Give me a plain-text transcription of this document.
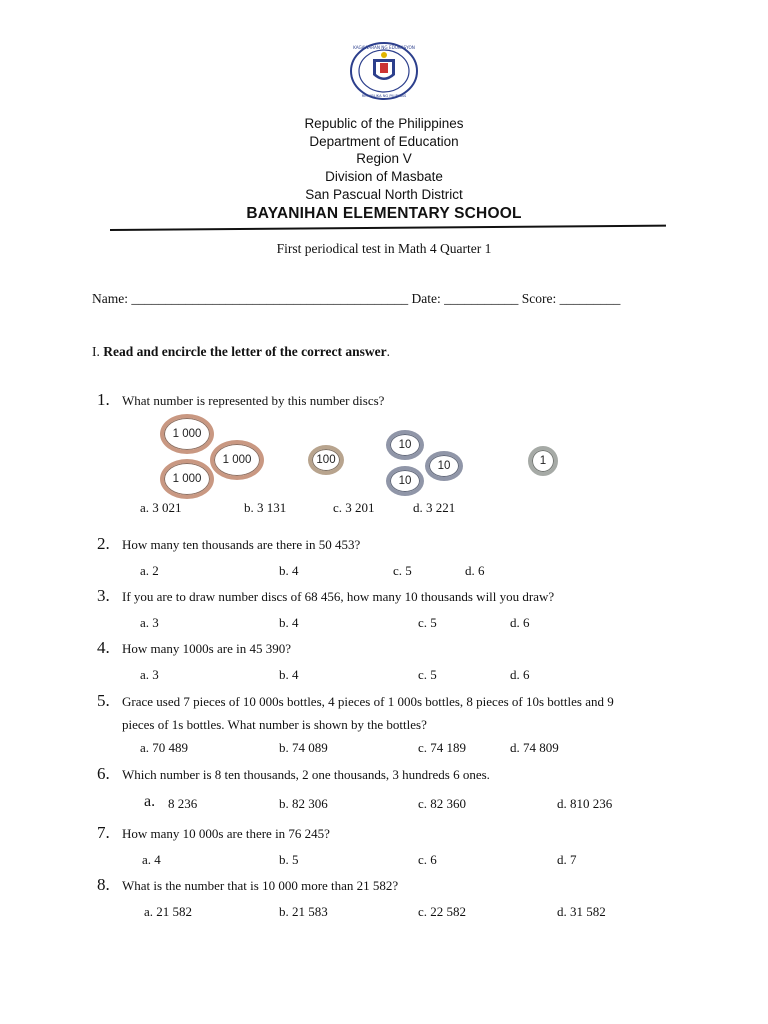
KAGAWARAN NG EDUKASYON
REPUBLIKA NG PILIPINAS
Republic of the Philippines
Department of Education
Region V
Division of Masbate
San Pascual North District
BAYANIHAN ELEMENTARY SCHOOL
First periodical test in Math 4 Quarter 1
Name: _________________________________________ Date: ___________ Score: _________
I. Read and encircle the letter of the correct answer.
1. What number is represented by this number discs?
1 000
1 000
1 000
100
10
10
10
1
a. 3 021	b. 3 131	c. 3 201	d. 3 221
2. How many ten thousands are there in 50 453?
a. 2	b. 4	c. 5	d. 6
3. If you are to draw number discs of 68 456, how many 10 thousands will you draw?
a. 3	b. 4	c. 5	d. 6
4. How many 1000s are in 45 390?
a. 3	b. 4	c. 5	d. 6
5. Grace used 7 pieces of 10 000s bottles, 4 pieces of 1 000s bottles, 8 pieces of 10s bottles and 9
pieces of 1s bottles. What number is shown by the bottles?
a. 70 489	b. 74 089	c. 74 189	d. 74 809
6. Which number is 8 ten thousands, 2 one thousands, 3 hundreds 6 ones.
a. 8 236	b. 82 306	c. 82 360	d. 810 236
7. How many 10 000s are there in 76 245?
a. 4	b. 5	c. 6	d. 7
8. What is the number that is 10 000 more than 21 582?
a. 21 582	b. 21 583	c. 22 582	d. 31 582
